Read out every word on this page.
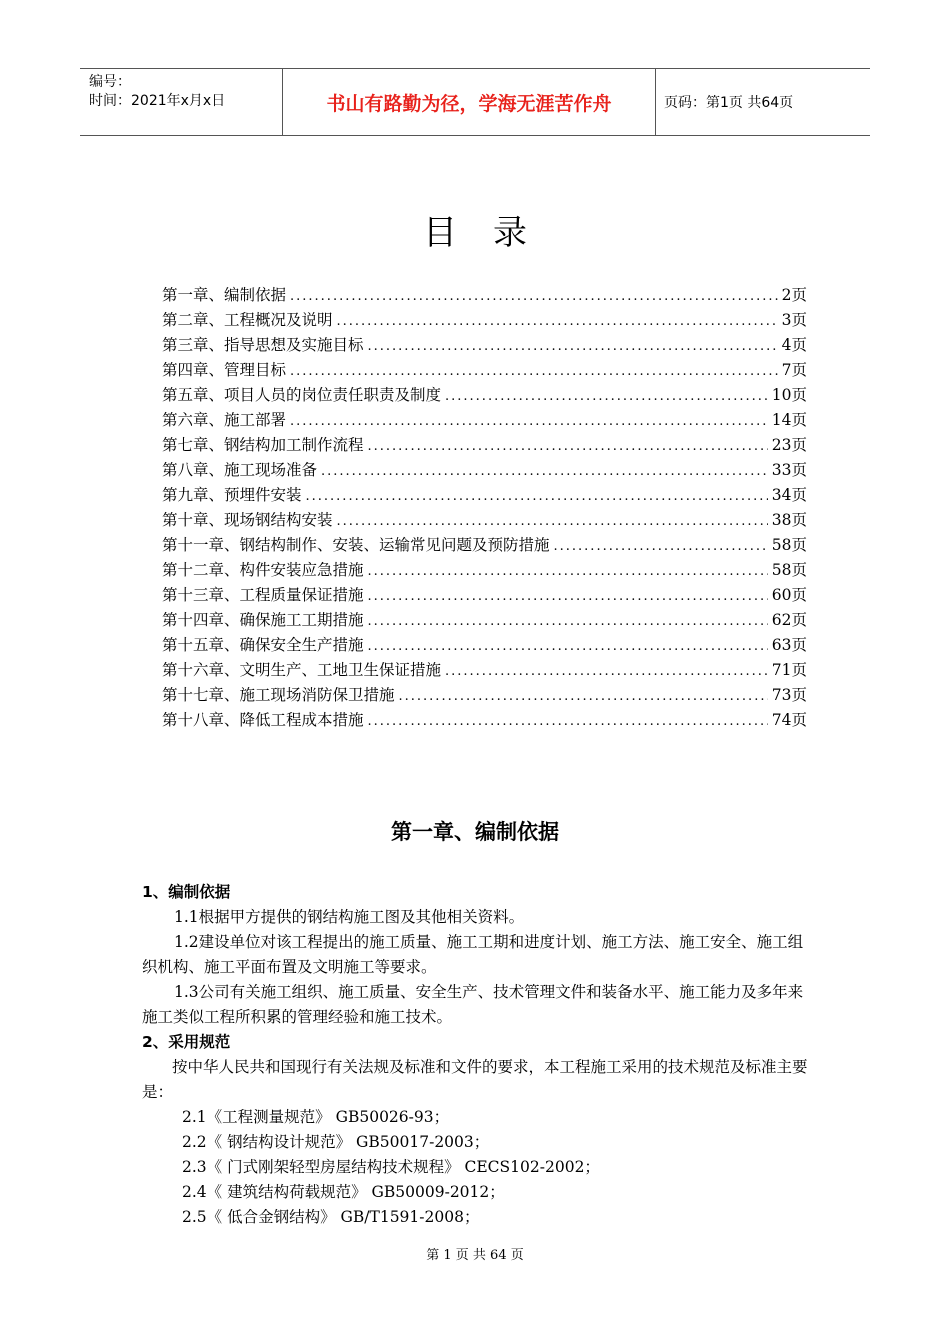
编号：
时间：2021年x月x日	书山有路勤为径，学海无涯苦作舟	页码：第1页 共64页
目录
第一章、编制依据 .....	2页
第二章、工程概况及说明 .....	3页
第三章、指导思想及实施目标 .....	4页
第四章、管理目标 .....	7页
第五章、项目人员的岗位责任职责及制度 .....	10页
第六章、施工部署 .....	14页
第七章、钢结构加工制作流程 .....	23页
第八章、施工现场准备 .....	33页
第九章、预埋件安装 .....	34页
第十章、现场钢结构安装 .....	38页
第十一章、钢结构制作、安装、运输常见问题及预防措施 .....	58页
第十二章、构件安装应急措施 .....	58页
第十三章、工程质量保证措施 .....	60页
第十四章、确保施工工期措施 .....	62页
第十五章、确保安全生产措施 .....	63页
第十六章、文明生产、工地卫生保证措施 .....	71页
第十七章、施工现场消防保卫措施 .....	73页
第十八章、降低工程成本措施 .....	74页
第一章、编制依据

1、编制依据

1.1根据甲方提供的钢结构施工图及其他相关资料。

1.2建设单位对该工程提出的施工质量、施工工期和进度计划、施工方法、施工安全、施工组织机构、施工平面布置及文明施工等要求。

1.3公司有关施工组织、施工质量、安全生产、技术管理文件和装备水平、施工能力及多年来施工类似工程所积累的管理经验和施工技术。

2、采用规范

按中华人民共和国现行有关法规及标准和文件的要求，本工程施工采用的技术规范及标准主要是：

2.1《工程测量规范》 GB50026-93；

2.2《 钢结构设计规范》 GB50017-2003；

2.3《 门式刚架轻型房屋结构技术规程》 CECS102-2002；

2.4《 建筑结构荷载规范》 GB50009-2012；

2.5《 低合金钢结构》 GB/T1591-2008；

第 1 页 共 64 页
